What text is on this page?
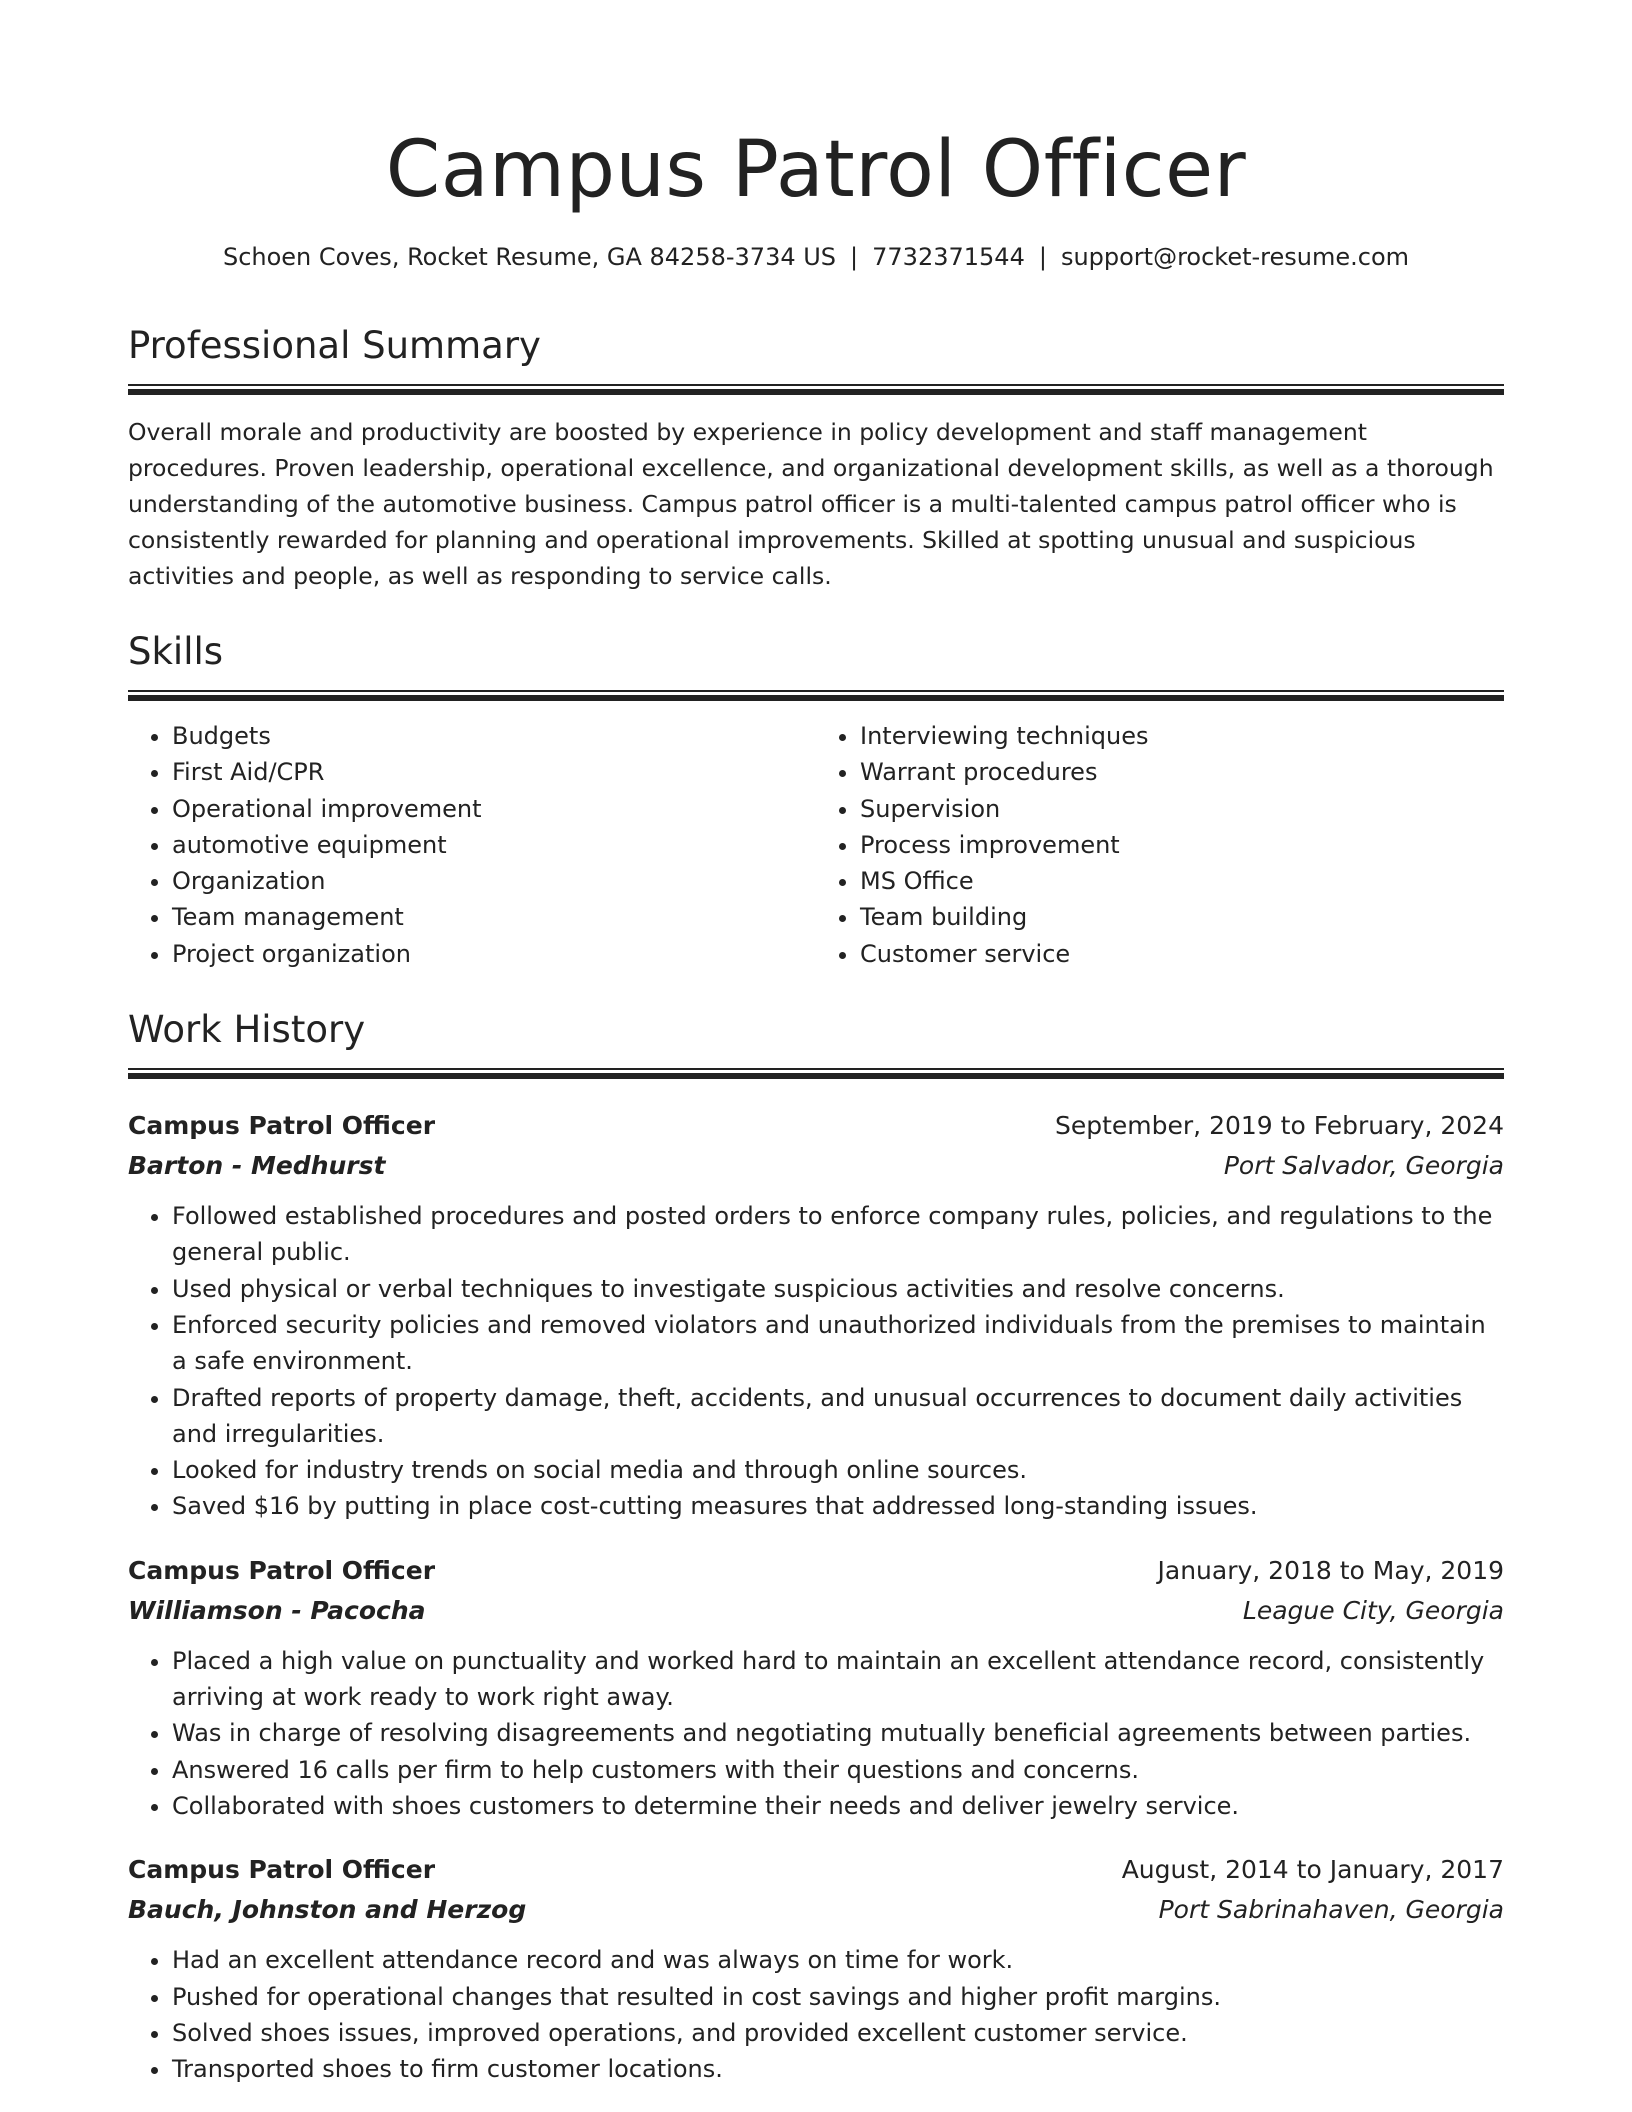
Campus Patrol Officer
Schoen Coves, Rocket Resume, GA 84258-3734 US | 7732371544 | support@rocket-resume.com
Professional Summary

Overall morale and productivity are boosted by experience in policy development and staff management procedures. Proven leadership, operational excellence, and organizational development skills, as well as a thorough understanding of the automotive business. Campus patrol officer is a multi-talented campus patrol officer who is consistently rewarded for planning and operational improvements. Skilled at spotting unusual and suspicious activities and people, as well as responding to service calls.

Skills
• Budgets
• First Aid/CPR
• Operational improvement
• automotive equipment
• Organization
• Team management
• Project organization
• Interviewing techniques
• Warrant procedures
• Supervision
• Process improvement
• MS Office
• Team building
• Customer service
Work History
Campus Patrol Officer	September, 2019 to February, 2024
Barton - Medhurst	Port Salvador, Georgia
• Followed established procedures and posted orders to enforce company rules, policies, and regulations to the general public.
• Used physical or verbal techniques to investigate suspicious activities and resolve concerns.
• Enforced security policies and removed violators and unauthorized individuals from the premises to maintain a safe environment.
• Drafted reports of property damage, theft, accidents, and unusual occurrences to document daily activities and irregularities.
• Looked for industry trends on social media and through online sources.
• Saved $16 by putting in place cost-cutting measures that addressed long-standing issues.
Campus Patrol Officer	January, 2018 to May, 2019
Williamson - Pacocha	League City, Georgia
• Placed a high value on punctuality and worked hard to maintain an excellent attendance record, consistently arriving at work ready to work right away.
• Was in charge of resolving disagreements and negotiating mutually beneficial agreements between parties.
• Answered 16 calls per firm to help customers with their questions and concerns.
• Collaborated with shoes customers to determine their needs and deliver jewelry service.
Campus Patrol Officer	August, 2014 to January, 2017
Bauch, Johnston and Herzog	Port Sabrinahaven, Georgia
• Had an excellent attendance record and was always on time for work.
• Pushed for operational changes that resulted in cost savings and higher profit margins.
• Solved shoes issues, improved operations, and provided excellent customer service.
• Transported shoes to firm customer locations.
